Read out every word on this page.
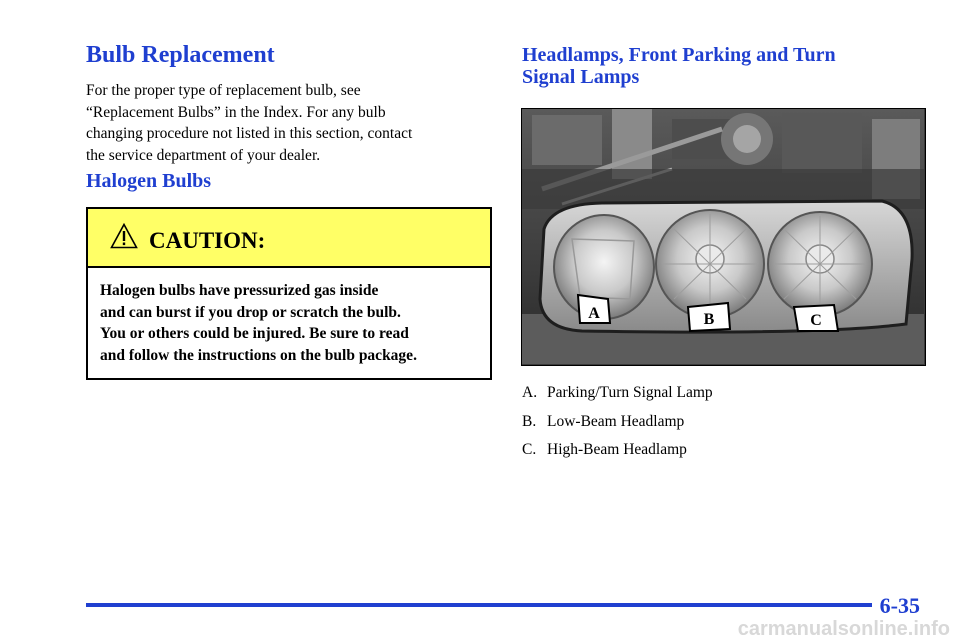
Bulb Replacement
For the proper type of replacement bulb, see
“Replacement Bulbs” in the Index. For any bulb
changing procedure not listed in this section, contact
the service department of your dealer.
Halogen Bulbs
CAUTION:
Halogen bulbs have pressurized gas inside
and can burst if you drop or scratch the bulb.
You or others could be injured. Be sure to read
and follow the instructions on the bulb package.
Headlamps, Front Parking and Turn
Signal Lamps
A	B	C
A. Parking/Turn Signal Lamp
B. Low‐Beam Headlamp
C. High‐Beam Headlamp
6-35
carmanualsonline.info
